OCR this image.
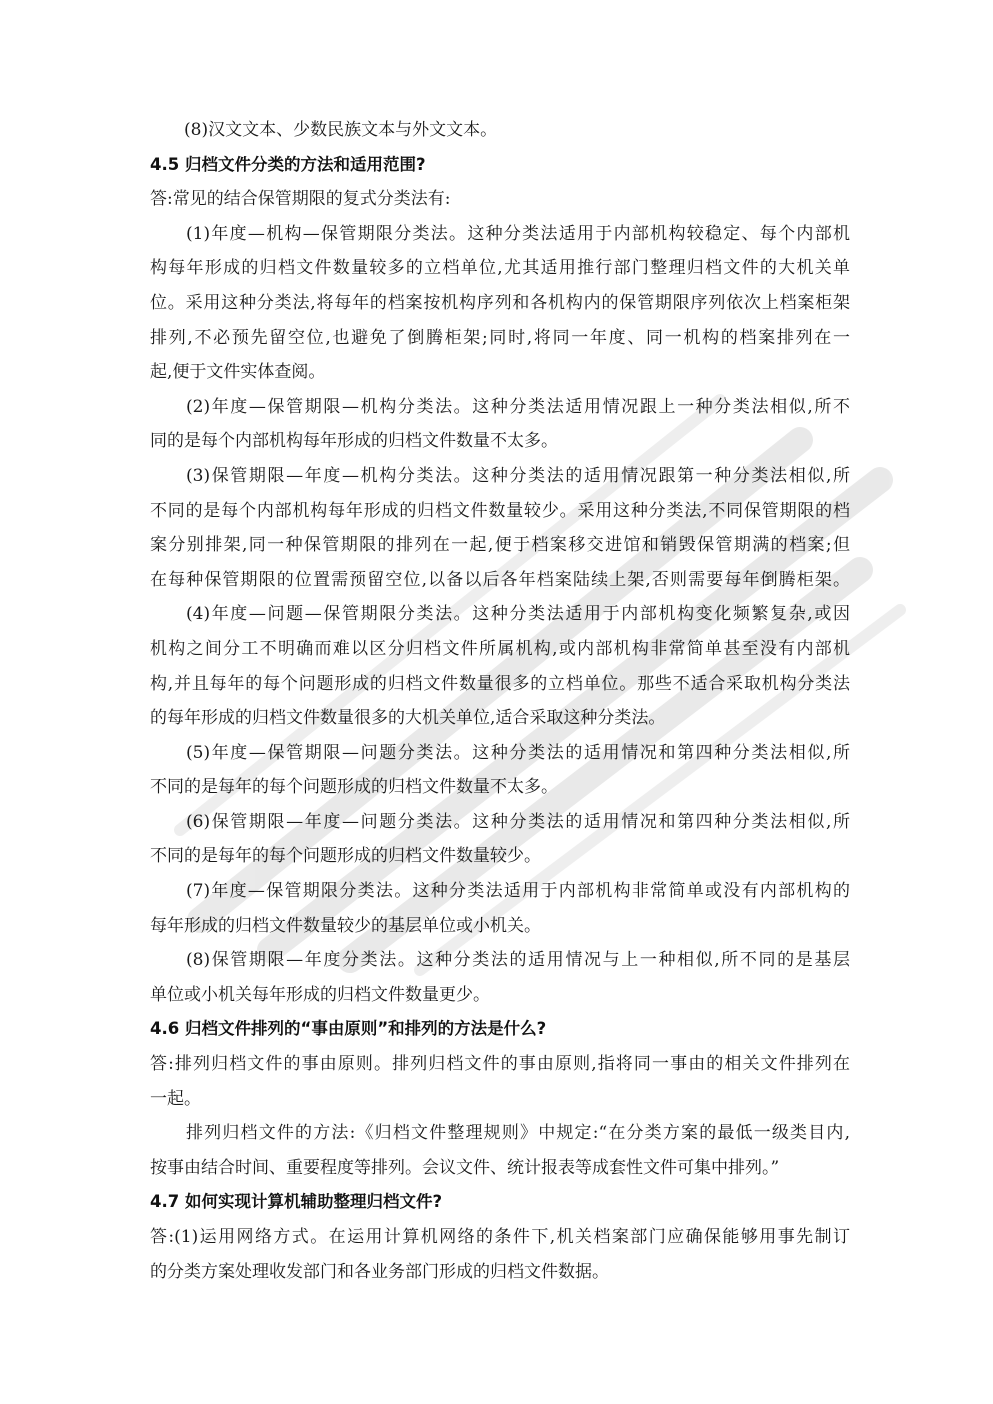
(8)汉文文本、少数民族文本与外文文本。
4.5 归档文件分类的方法和适用范围?
答:常见的结合保管期限的复式分类法有:
(1)年度—机构—保管期限分类法。这种分类法适用于内部机构较稳定、每个内部机
构每年形成的归档文件数量较多的立档单位,尤其适用推行部门整理归档文件的大机关单
位。采用这种分类法,将每年的档案按机构序列和各机构内的保管期限序列依次上档案柜架
排列,不必预先留空位,也避免了倒腾柜架;同时,将同一年度、同一机构的档案排列在一
起,便于文件实体查阅。
(2)年度—保管期限—机构分类法。这种分类法适用情况跟上一种分类法相似,所不
同的是每个内部机构每年形成的归档文件数量不太多。
(3)保管期限—年度—机构分类法。这种分类法的适用情况跟第一种分类法相似,所
不同的是每个内部机构每年形成的归档文件数量较少。采用这种分类法,不同保管期限的档
案分别排架,同一种保管期限的排列在一起,便于档案移交进馆和销毁保管期满的档案;但
在每种保管期限的位置需预留空位,以备以后各年档案陆续上架,否则需要每年倒腾柜架。
(4)年度—问题—保管期限分类法。这种分类法适用于内部机构变化频繁复杂,或因
机构之间分工不明确而难以区分归档文件所属机构,或内部机构非常简单甚至没有内部机
构,并且每年的每个问题形成的归档文件数量很多的立档单位。那些不适合采取机构分类法
的每年形成的归档文件数量很多的大机关单位,适合采取这种分类法。
(5)年度—保管期限—问题分类法。这种分类法的适用情况和第四种分类法相似,所
不同的是每年的每个问题形成的归档文件数量不太多。
(6)保管期限—年度—问题分类法。这种分类法的适用情况和第四种分类法相似,所
不同的是每年的每个问题形成的归档文件数量较少。
(7)年度—保管期限分类法。这种分类法适用于内部机构非常简单或没有内部机构的
每年形成的归档文件数量较少的基层单位或小机关。
(8)保管期限—年度分类法。这种分类法的适用情况与上一种相似,所不同的是基层
单位或小机关每年形成的归档文件数量更少。
4.6 归档文件排列的“事由原则”和排列的方法是什么?
答:排列归档文件的事由原则。排列归档文件的事由原则,指将同一事由的相关文件排列在
一起。
排列归档文件的方法:《归档文件整理规则》中规定:“在分类方案的最低一级类目内,
按事由结合时间、重要程度等排列。会议文件、统计报表等成套性文件可集中排列。”
4.7 如何实现计算机辅助整理归档文件?
答:(1)运用网络方式。在运用计算机网络的条件下,机关档案部门应确保能够用事先制订
的分类方案处理收发部门和各业务部门形成的归档文件数据。
